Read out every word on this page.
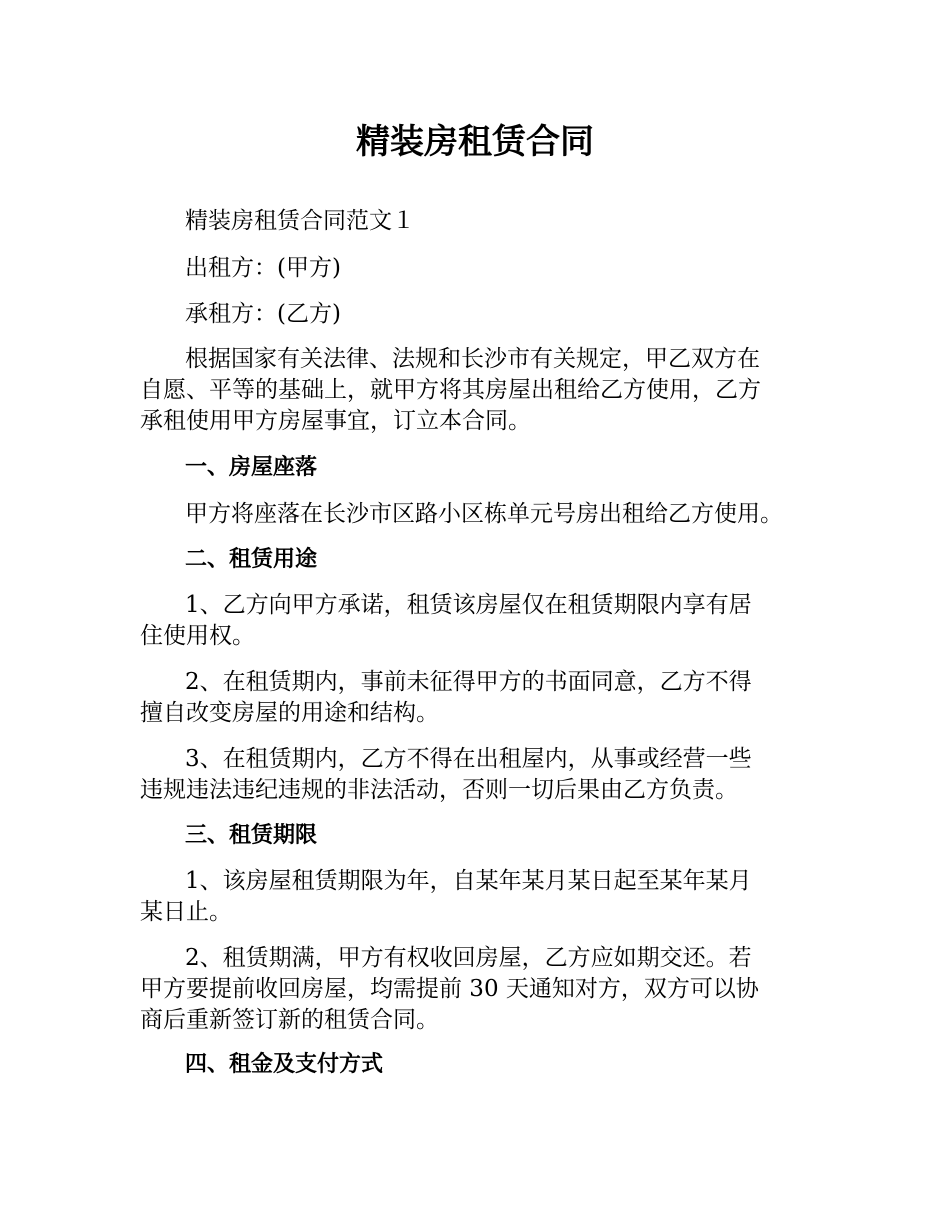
精装房租赁合同

精装房租赁合同范文１

出租方：(甲方)

承租方：(乙方)

根据国家有关法律、法规和长沙市有关规定，甲乙双方在

自愿、平等的基础上，就甲方将其房屋出租给乙方使用，乙方

承租使用甲方房屋事宜，订立本合同。

一、房屋座落

甲方将座落在长沙市区路小区栋单元号房出租给乙方使用。

二、租赁用途

1、乙方向甲方承诺，租赁该房屋仅在租赁期限内享有居

住使用权。

2、在租赁期内，事前未征得甲方的书面同意，乙方不得

擅自改变房屋的用途和结构。

3、在租赁期内，乙方不得在出租屋内，从事或经营一些

违规违法违纪违规的非法活动，否则一切后果由乙方负责。

三、租赁期限

1、该房屋租赁期限为年，自某年某月某日起至某年某月

某日止。

2、租赁期满，甲方有权收回房屋，乙方应如期交还。若

甲方要提前收回房屋，均需提前 30 天通知对方，双方可以协

商后重新签订新的租赁合同。

四、租金及支付方式
